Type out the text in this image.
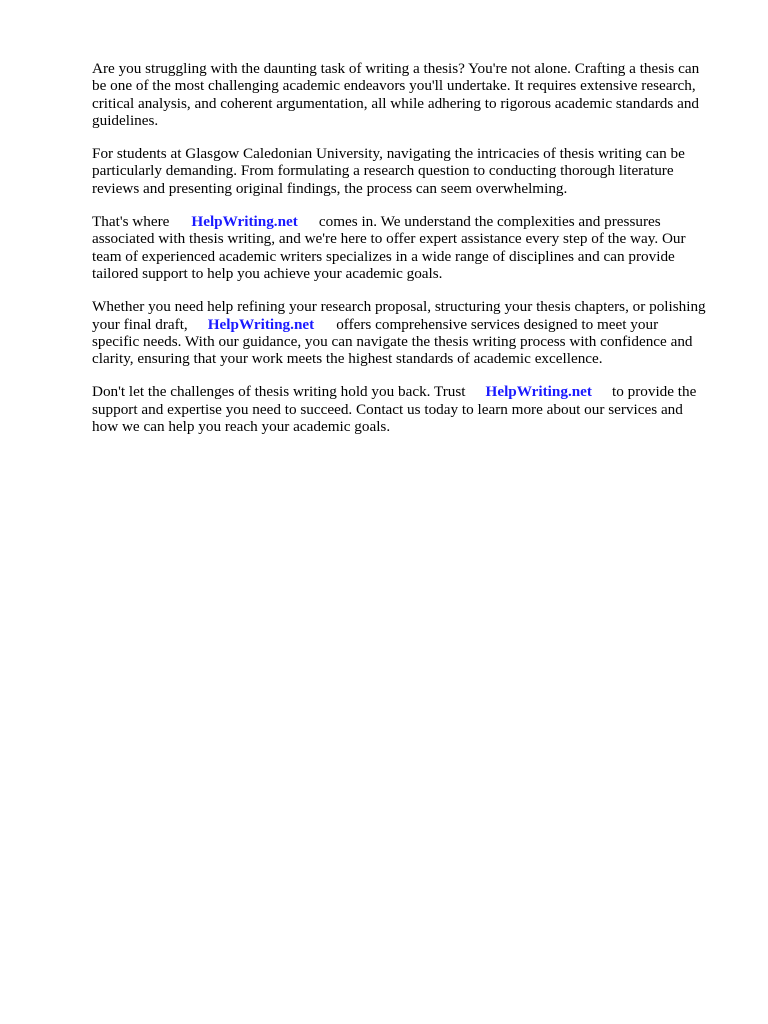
Are you struggling with the daunting task of writing a thesis? You're not alone. Crafting a thesis can
be one of the most challenging academic endeavors you'll undertake. It requires extensive research,
critical analysis, and coherent argumentation, all while adhering to rigorous academic standards and
guidelines.
For students at Glasgow Caledonian University, navigating the intricacies of thesis writing can be
particularly demanding. From formulating a research question to conducting thorough literature
reviews and presenting original findings, the process can seem overwhelming.
That's where HelpWriting.net comes in. We understand the complexities and pressures
associated with thesis writing, and we're here to offer expert assistance every step of the way. Our
team of experienced academic writers specializes in a wide range of disciplines and can provide
tailored support to help you achieve your academic goals.
Whether you need help refining your research proposal, structuring your thesis chapters, or polishing
your final draft, HelpWriting.net offers comprehensive services designed to meet your
specific needs. With our guidance, you can navigate the thesis writing process with confidence and
clarity, ensuring that your work meets the highest standards of academic excellence.
Don't let the challenges of thesis writing hold you back. Trust HelpWriting.net to provide the
support and expertise you need to succeed. Contact us today to learn more about our services and
how we can help you reach your academic goals.
